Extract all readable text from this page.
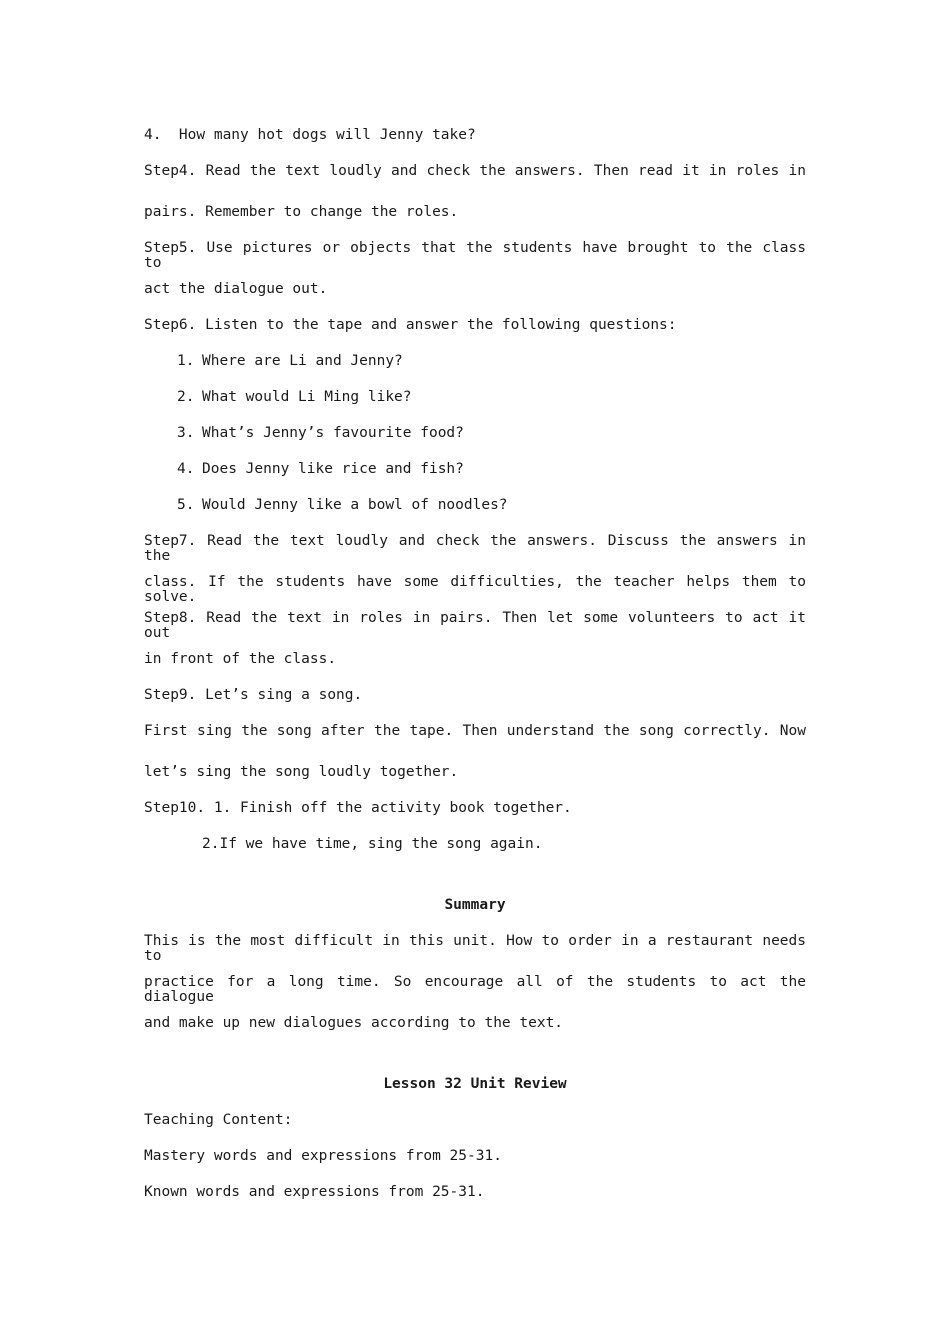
4.  How many hot dogs will Jenny take?
Step4. Read the text loudly and check the answers. Then read it in roles in
pairs. Remember to change the roles.
Step5. Use pictures or objects that the students have brought to the class to
act the dialogue out.
Step6. Listen to the tape and answer the following questions:
1. Where are Li and Jenny?
2. What would Li Ming like?
3. What’s Jenny’s favourite food?
4. Does Jenny like rice and fish?
5. Would Jenny like a bowl of noodles?
Step7. Read the text loudly and check the answers. Discuss the answers in the
class. If the students have some difficulties, the teacher helps them to solve.
Step8. Read the text in roles in pairs. Then let some volunteers to act it out
in front of the class.
Step9. Let’s sing a song.
First sing the song after the tape. Then understand the song correctly. Now
let’s sing the song loudly together.
Step10. 1. Finish off the activity book together.
2.If we have time, sing the song again.
Summary
This is the most difficult in this unit. How to order in a restaurant needs to
practice for a long time. So encourage all of the students to act the dialogue
and make up new dialogues according to the text.
Lesson 32 Unit Review
Teaching Content:
Mastery words and expressions from 25-31.
Known words and expressions from 25-31.
